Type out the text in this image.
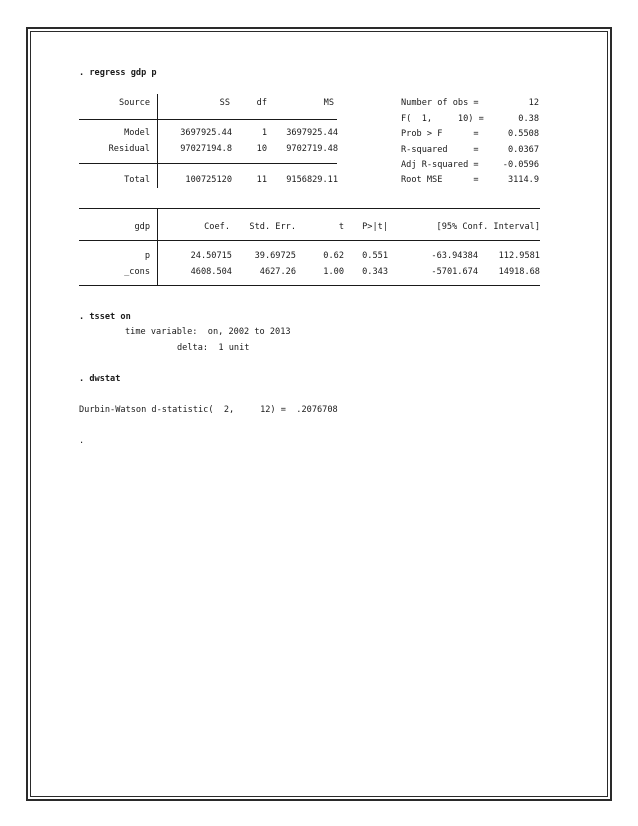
. regress gdp p
Source	SS	df	MS
Model	3697925.44	1	3697925.44
Residual	97027194.8	10	9702719.48
Total	100725120	11	9156829.11
Number of obs =	12
F(  1,     10) =	0.38
Prob > F      =	0.5508
R-squared     =	0.0367
Adj R-squared =	-0.0596
Root MSE      =	3114.9
gdp	Coef.	Std. Err.	t	P>|t|	[95% Conf. Interval]
p	24.50715	39.69725	0.62	0.551	-63.94384	112.9581
_cons	4608.504	4627.26	1.00	0.343	-5701.674	14918.68
. tsset on
time variable:  on, 2002 to 2013
delta:  1 unit
. dwstat
Durbin-Watson d-statistic(  2,     12) =  .2076708
.
